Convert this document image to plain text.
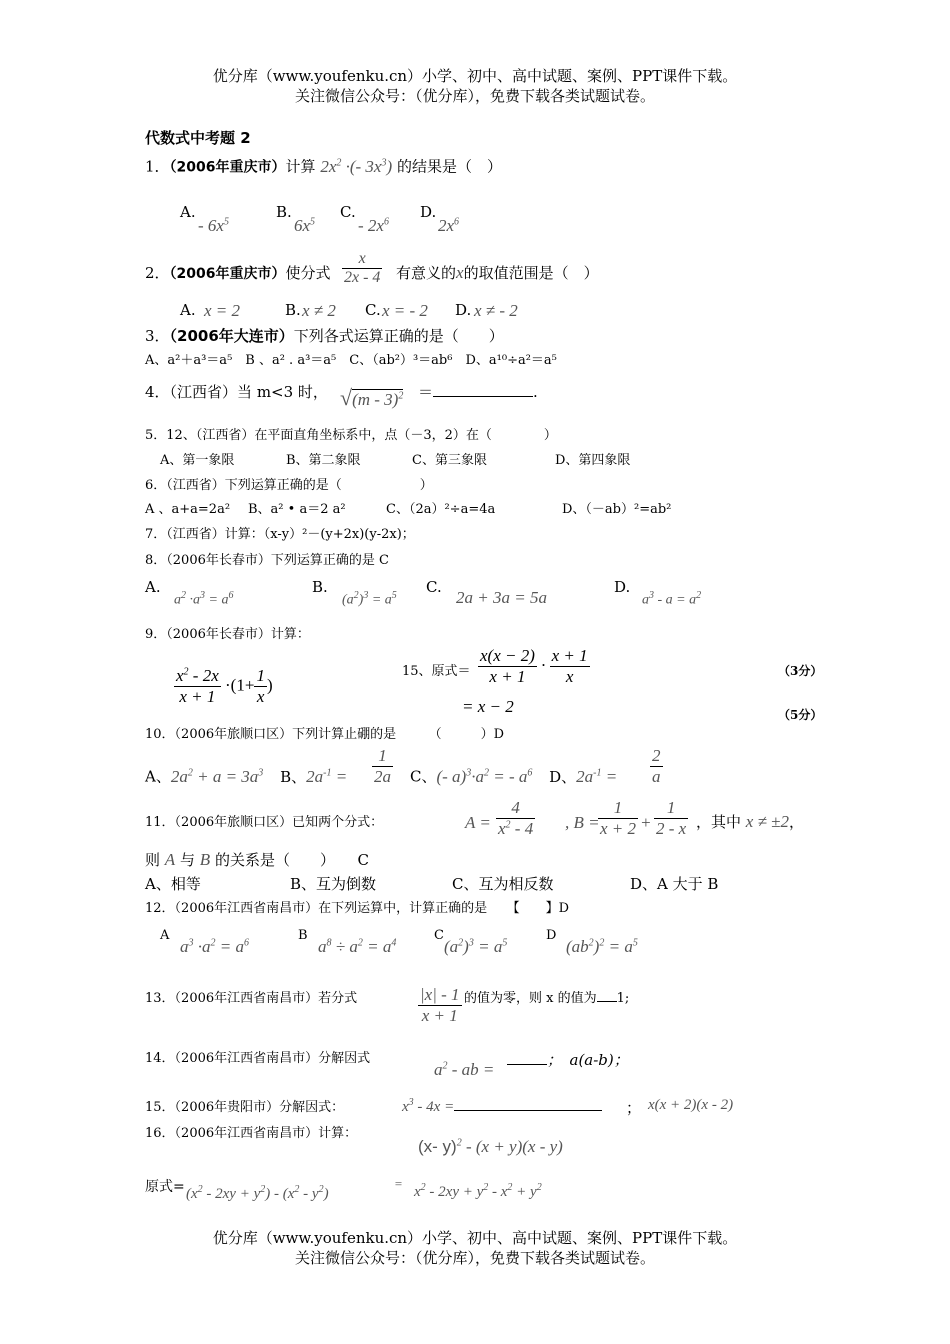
优分库（www.youfenku.cn）小学、初中、高中试题、案例、PPT课件下载。
关注微信公众号：（优分库），免费下载各类试题试卷。
代数式中考题 2
1．（2006年重庆市）计算 $2x^2$ ·(- $3x^3$) 的结果是（　）
A.
- $6x^5$
B.
$6x^5$
C.
- $2x^6$
D.
$2x^6$
2．（2006年重庆市）使分式 $\frac{x}{2x - 4}$ 有意义的x的取值范围是（　）
A. x = 2	B. x ≠ 2 C. x = - 2 D. x ≠ - 2
3．（2006年大连市）下列各式运算正确的是（　　）
A、a²＋a³＝a⁵　B 、a² . a³＝a⁵　C、（ab²）³＝ab⁶　D、a¹⁰÷a²＝a⁵
4．（江西省）当 m<3 时， √(m - 3)$^2$ ＝	.
5．12、（江西省）在平面直角坐标系中，点（－3，2）在（　　　　）
A、第一象限	B、第二象限	C、第三象限	D、第四象限
6．（江西省）下列运算正确的是（　　　　　　）
A 、a+a=2a² B、a² • a＝2 a²	C、（2a）²÷a=4a	D、（－ab）²=ab²
7．（江西省）计算：（x-y）²－(y+2x)(y-2x)；
8．（2006年长春市）下列运算正确的是 C
A.
$a^2 \cdot a^3 = a^6$	B.
$(a^2)^3 = a^5$ C.
2a + 3a = 5a
D.
$a^3 - a = a^2$
9．（2006年长春市）计算：
$\frac{x^2 - 2x}{x + 1} \cdot(1+ \frac{1}{x}$ )
15、原式＝ $\frac{x(x - 2)}{x + 1} \cdot \frac{x + 1}{x}$
= x − 2
（3分）
（5分）
10．（2006年旅顺口区）下列计算止硼的是　　　（　　　）D
A、$2a^2 + a = 3a^3$ B、$2a^{-1} = \frac{1}{2a}$ C、(- $a)^3\cdot a^2$ = - $a^6$ D、$2a^{-1} = \frac{2}{a}$
11．（2006年旅顺口区）已知两个分式：	$A = \frac{4}{x^2 - 4}$ , B =
$\frac{1}{x + 2} + \frac{1}{2 - x}$ ，其中 x ≠ ±2，
则 A 与 B 的关系是（　　）　　C
A、相等	B、互为倒数	C、互为相反数	D、A 大于 B
12．（2006年江西省南昌市）在下列运算中，计算正确的是　　【　　】D
A
$a^3 \cdot a^2 = a^6$	B
$a^8 \div a^2 = a^4$	C
$(a^2)^3 = a^5$	D
$(ab^2)^2 = a^5$
13．（2006年江西省南昌市）若分式	$\frac{|x| - 1}{x + 1}$ 的值为零，则 x 的值为 1;
14．（2006年江西省南昌市）分解因式
$a^2$ - ab =	；　a(a-b)；
15．（2006年贵阳市）分解因式：	$x^3 - 4x$ =	； x(x + 2)(x - 2)
16．（2006年江西省南昌市）计算：
(x- y)$^2$ - (x + y)(x - y)
原式= $(x^2 - 2xy + y^2) - (x^2 - y^2)$
=
$x^2 - 2xy + y^2 - x^2 + y^2$
优分库（www.youfenku.cn）小学、初中、高中试题、案例、PPT课件下载。
关注微信公众号：（优分库），免费下载各类试题试卷。
